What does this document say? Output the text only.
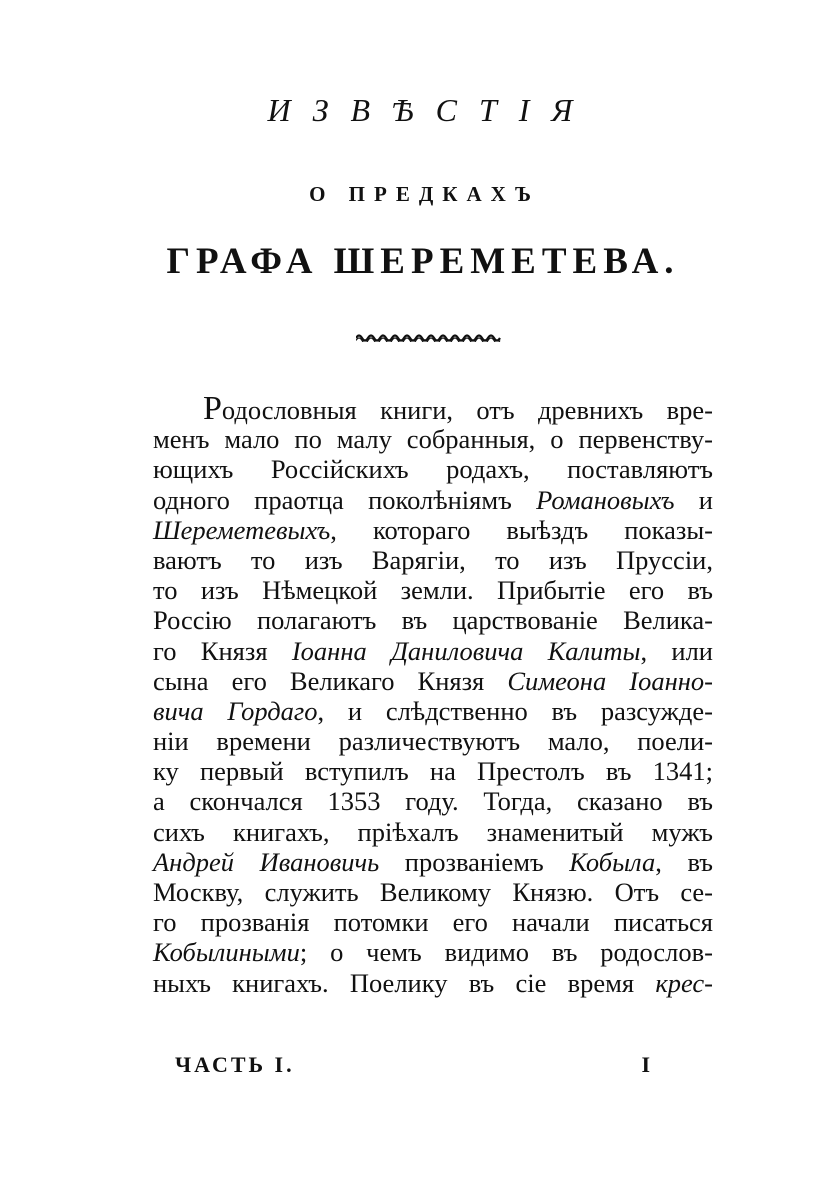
ИЗВѢСТІЯ
О ПРЕДКАХЪ
ГРАФА ШЕРЕМЕТЕВА.
Родословныя книги, отъ древнихъ вре-
менъ мало по малу собранныя, о первенству-
ющихъ Россійскихъ родахъ, поставляютъ
одного праотца поколѣніямъ Романовыхъ и
Шереметевыхъ, котораго выѣздъ показы-
ваютъ то изъ Варягіи, то изъ Пруссіи,
то изъ Нѣмецкой земли. Прибытіе его въ
Россію полагаютъ въ царствованіе Велика-
го Князя Іоанна Даниловича Калиты, или
сына его Великаго Князя Симеона Іоанно-
вича Гордаго, и слѣдственно въ разсужде-
ніи времени различествуютъ мало, поели-
ку первый вступилъ на Престолъ въ 1341;
а скончался 1353 году. Тогда, сказано въ
сихъ книгахъ, пріѣхалъ знаменитый мужъ
Андрей Ивановичь прозваніемъ Кобыла, въ
Москву, служить Великому Князю. Отъ се-
го прозванія потомки его начали писаться
Кобылиными; о чемъ видимо въ родослов-
ныхъ книгахъ. Поелику въ сіе время крес-
ЧАСТЬ I.	I
